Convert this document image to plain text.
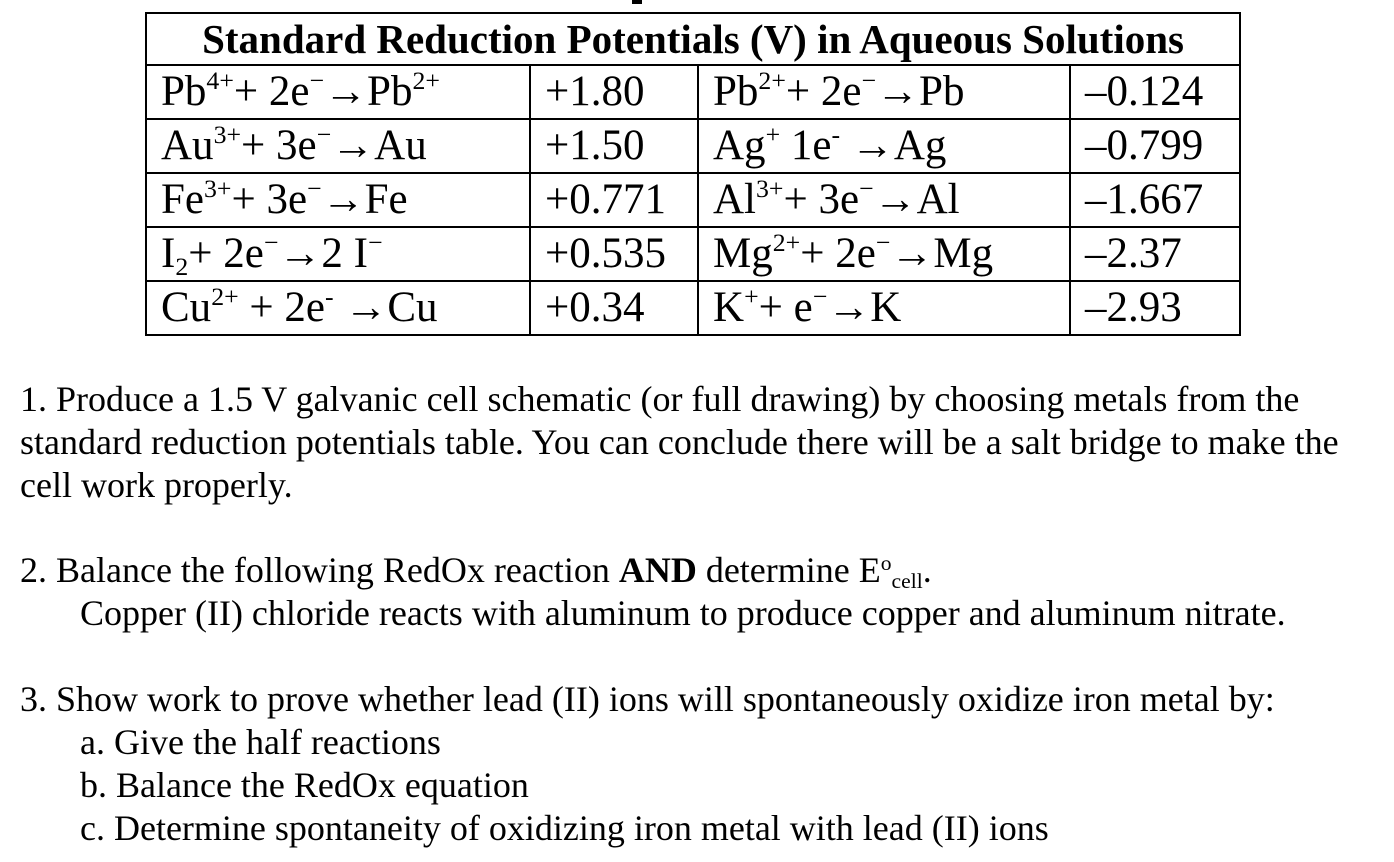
Standard Reduction Potentials (V) in Aqueous Solutions			
$Pb^{4+}+ 2e^-\to Pb^{2+}$	+1.80	$Pb^{2+}+ 2e^-\to Pb$	–0.124
$Au^{3+}+ 3e^-\to Au$	+1.50	Ag+ 1e- →Ag	–0.799
$Fe^{3+}+ 3e^-\to Fe$	+0.771	$Al^{3+}+ 3e^-\to Al$	–1.667
$I_2+ 2e^-\to 2$ I−	+0.535	$Mg^{2+}+ 2e^-\to Mg$	–2.37
$Cu^{2+} + 2e^- \to Cu$	+0.34	K++ e−→K	–2.93

1. Produce a 1.5 V galvanic cell schematic (or full drawing) by choosing metals from the standard reduction potentials table. You can conclude there will be a salt bridge to make the cell work properly.

2. Balance the following RedOx reaction AND determine $E^ocell$.

Copper (II) chloride reacts with aluminum to produce copper and aluminum nitrate.

3. Show work to prove whether lead (II) ions will spontaneously oxidize iron metal by:

a. Give the half reactions

b. Balance the RedOx equation

c. Determine spontaneity of oxidizing iron metal with lead (II) ions
